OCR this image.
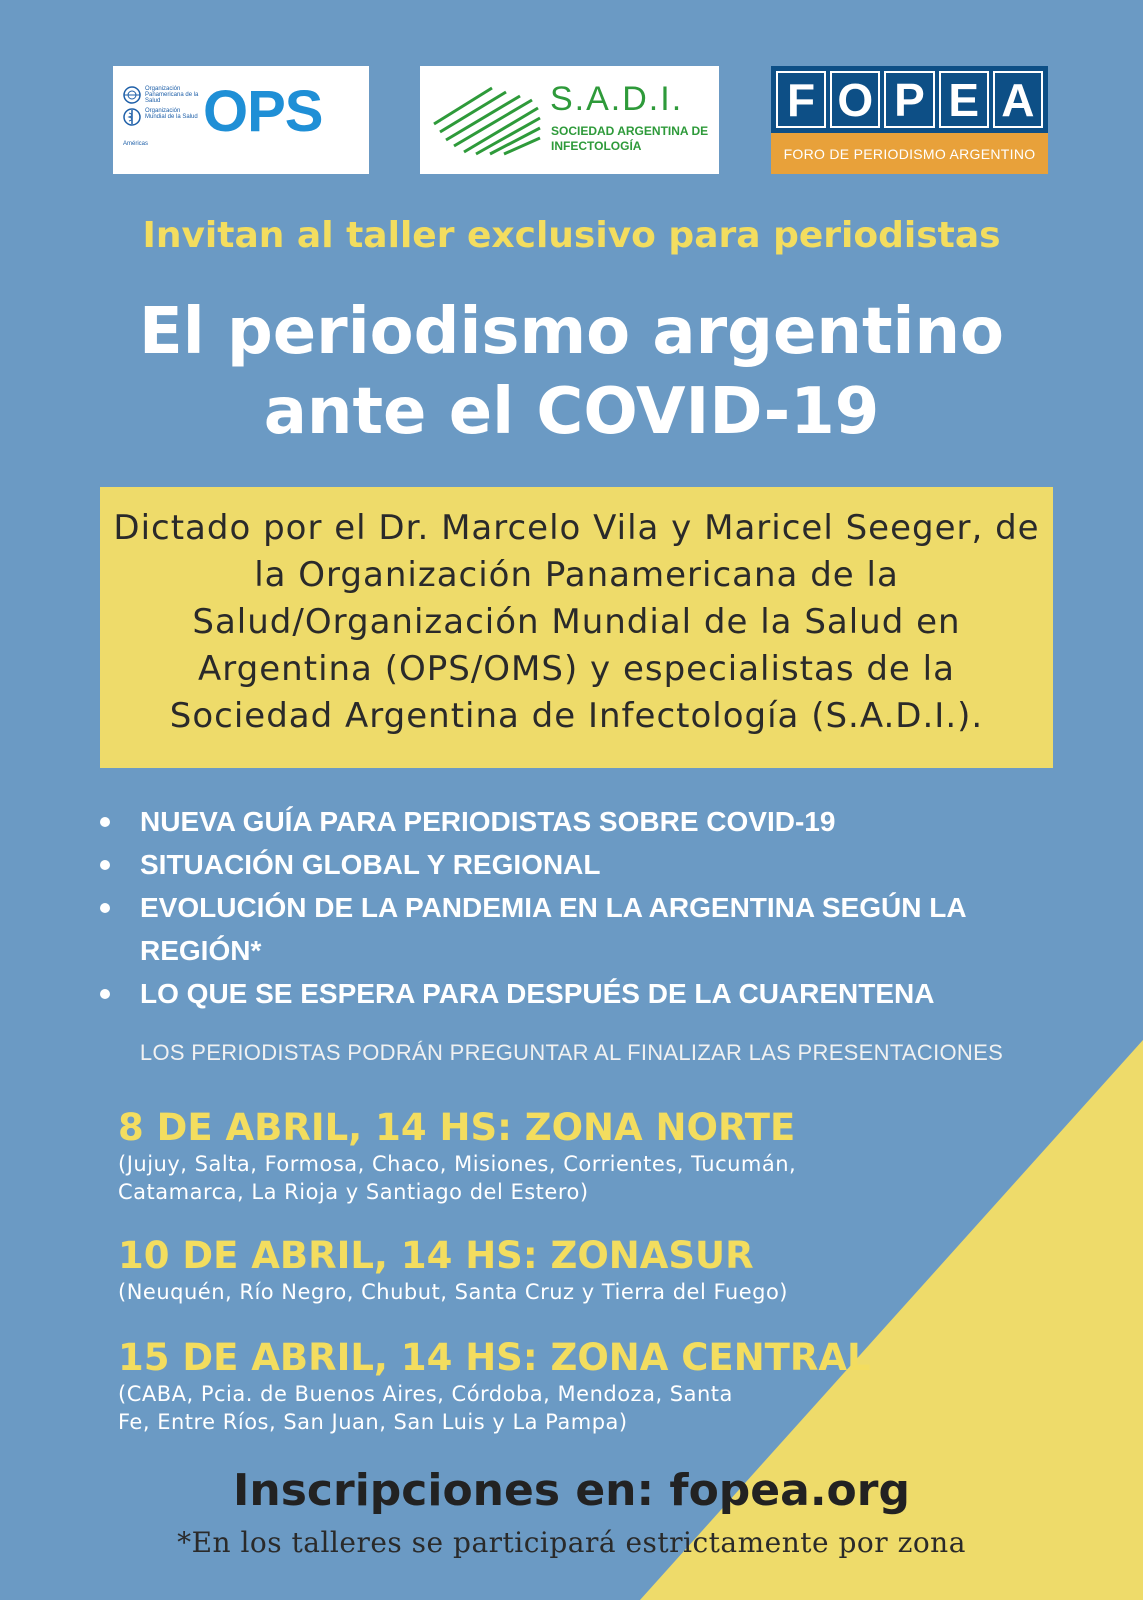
Organización Panamericana de la Salud
Organización Mundial de la Salud
Américas OPS	S.A.D.I.
SOCIEDAD ARGENTINA DE INFECTOLOGÍA
F O P E A
FORO DE PERIODISMO ARGENTINO
Invitan al taller exclusivo para periodistas
El periodismo argentino
ante el COVID-19
Dictado por el Dr. Marcelo Vila y Maricel Seeger, de la Organización Panamericana de la Salud/Organización Mundial de la Salud en Argentina (OPS/OMS) y especialistas de la Sociedad Argentina de Infectología (S.A.D.I.).
NUEVA GUÍA PARA PERIODISTAS SOBRE COVID-19
SITUACIÓN GLOBAL Y REGIONAL
EVOLUCIÓN DE LA PANDEMIA EN LA ARGENTINA SEGÚN LA REGIÓN*
LO QUE SE ESPERA PARA DESPUÉS DE LA CUARENTENA
LOS PERIODISTAS PODRÁN PREGUNTAR AL FINALIZAR LAS PRESENTACIONES
8 DE ABRIL, 14 HS: ZONA NORTE
(Jujuy, Salta, Formosa, Chaco, Misiones, Corrientes, Tucumán, Catamarca, La Rioja y Santiago del Estero)
10 DE ABRIL, 14 HS: ZONASUR
(Neuquén, Río Negro, Chubut, Santa Cruz y Tierra del Fuego)
15 DE ABRIL, 14 HS: ZONA CENTRAL
(CABA, Pcia. de Buenos Aires, Córdoba, Mendoza, Santa Fe, Entre Ríos, San Juan, San Luis y La Pampa)
Inscripciones en: fopea.org
*En los talleres se participará estrictamente por zona
